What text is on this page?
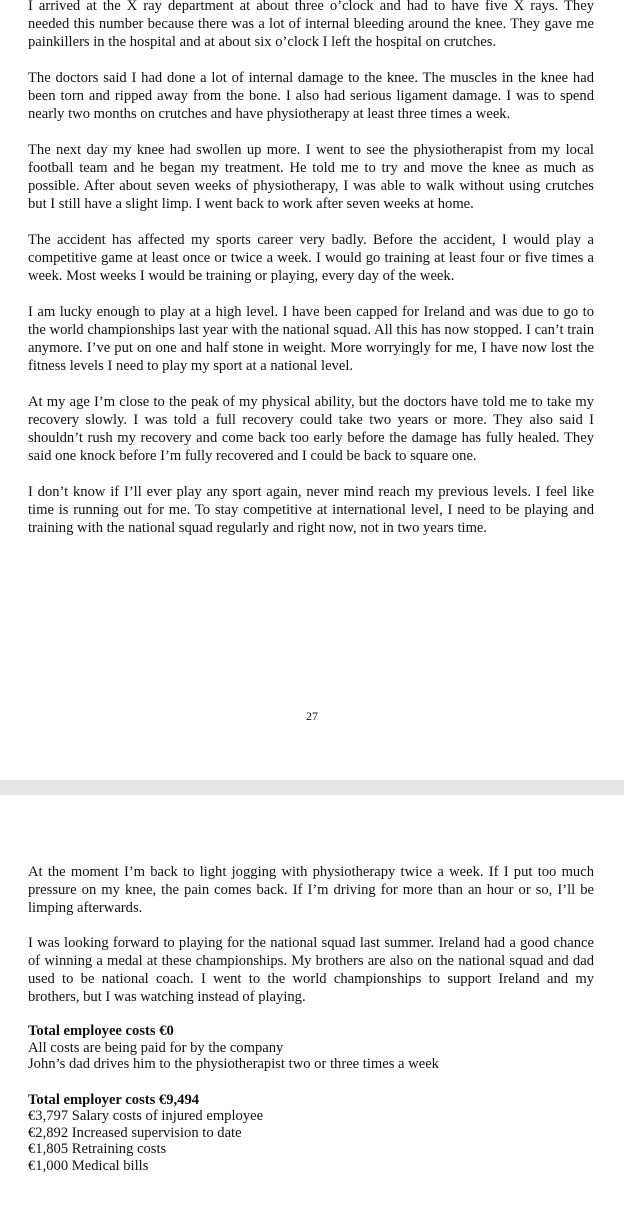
I arrived at the X ray department at about three o’clock and had to have five X rays. They needed this number because there was a lot of internal bleeding around the knee. They gave me painkillers in the hospital and at about six o’clock I left the hospital on crutches.

The doctors said I had done a lot of internal damage to the knee. The muscles in the knee had been torn and ripped away from the bone. I also had serious ligament damage. I was to spend nearly two months on crutches and have physiotherapy at least three times a week.

The next day my knee had swollen up more. I went to see the physiotherapist from my local football team and he began my treatment. He told me to try and move the knee as much as possible. After about seven weeks of physiotherapy, I was able to walk without using crutches but I still have a slight limp. I went back to work after seven weeks at home.

The accident has affected my sports career very badly. Before the accident, I would play a competitive game at least once or twice a week. I would go training at least four or five times a week. Most weeks I would be training or playing, every day of the week.

I am lucky enough to play at a high level. I have been capped for Ireland and was due to go to the world championships last year with the national squad. All this has now stopped. I can’t train anymore. I’ve put on one and half stone in weight. More worryingly for me, I have now lost the fitness levels I need to play my sport at a national level.

At my age I’m close to the peak of my physical ability, but the doctors have told me to take my recovery slowly. I was told a full recovery could take two years or more. They also said I shouldn’t rush my recovery and come back too early before the damage has fully healed. They said one knock before I’m fully recovered and I could be back to square one.

I don’t know if I’ll ever play any sport again, never mind reach my previous levels. I feel like time is running out for me. To stay competitive at international level, I need to be playing and training with the national squad regularly and right now, not in two years time.

27

At the moment I’m back to light jogging with physiotherapy twice a week. If I put too much pressure on my knee, the pain comes back. If I’m driving for more than an hour or so, I’ll be limping afterwards.

I was looking forward to playing for the national squad last summer. Ireland had a good chance of winning a medal at these championships. My brothers are also on the national squad and dad used to be national coach. I went to the world championships to support Ireland and my brothers, but I was watching instead of playing.

Total employee costs €0
All costs are being paid for by the company
John’s dad drives him to the physiotherapist two or three times a week
Total employer costs €9,494
€3,797 Salary costs of injured employee
€2,892 Increased supervision to date
€1,805 Retraining costs
€1,000 Medical bills
